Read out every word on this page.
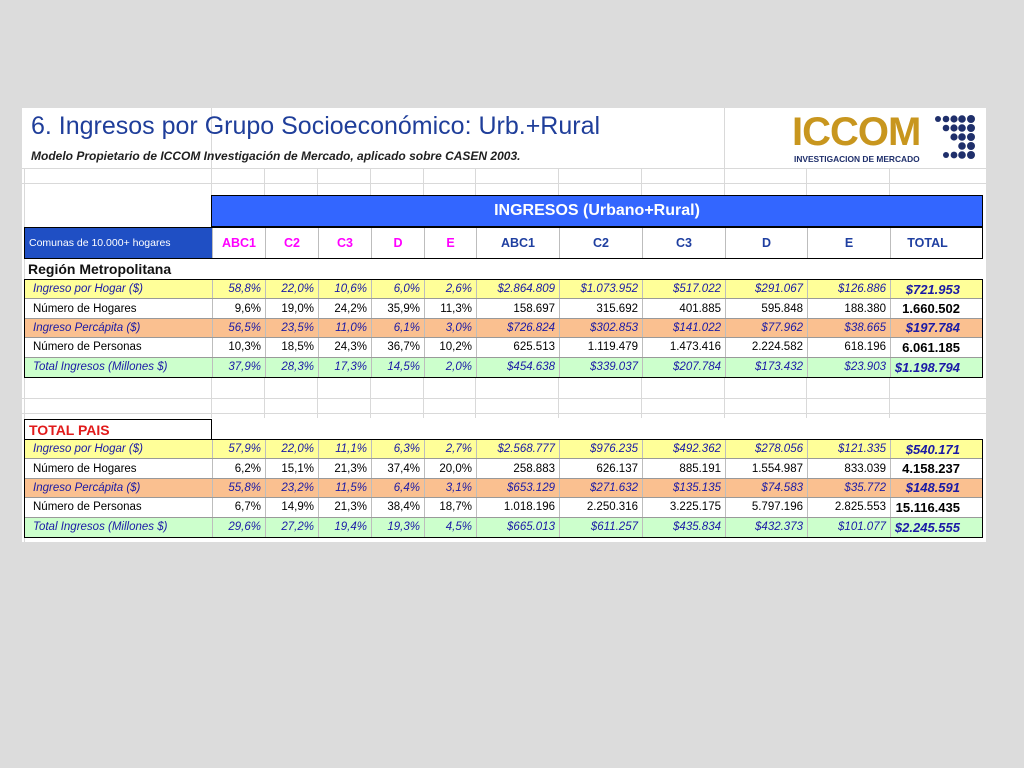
6. Ingresos por Grupo Socioeconómico: Urb.+Rural
Modelo Propietario de ICCOM Investigación de Mercado, aplicado sobre CASEN 2003.
ICCOM
INVESTIGACION DE MERCADO
INGRESOS (Urbano+Rural)
Comunas de 10.000+ hogares	ABC1	C2	C3	D	E	ABC1	C2	C3	D	E	TOTAL
Región Metropolitana
Ingreso por Hogar ($)	58,8%	22,0%	10,6%	6,0%	2,6%	$2.864.809	$1.073.952	$517.022	$291.067	$126.886	$721.953
Número de Hogares	9,6%	19,0%	24,2%	35,9%	11,3%	158.697	315.692	401.885	595.848	188.380	1.660.502
Ingreso Percápita ($)	56,5%	23,5%	11,0%	6,1%	3,0%	$726.824	$302.853	$141.022	$77.962	$38.665	$197.784
Número de Personas	10,3%	18,5%	24,3%	36,7%	10,2%	625.513	1.119.479	1.473.416	2.224.582	618.196	6.061.185
Total Ingresos (Millones $)	37,9%	28,3%	17,3%	14,5%	2,0%	$454.638	$339.037	$207.784	$173.432	$23.903 $1.198.794
TOTAL PAIS
Ingreso por Hogar ($)	57,9%	22,0%	11,1%	6,3%	2,7%	$2.568.777	$976.235	$492.362	$278.056	$121.335	$540.171
Número de Hogares	6,2%	15,1%	21,3%	37,4%	20,0%	258.883	626.137	885.191	1.554.987	833.039	4.158.237
Ingreso Percápita ($)	55,8%	23,2%	11,5%	6,4%	3,1%	$653.129	$271.632	$135.135	$74.583	$35.772	$148.591
Número de Personas	6,7%	14,9%	21,3%	38,4%	18,7%	1.018.196	2.250.316	3.225.175	5.797.196	2.825.553 15.116.435
Total Ingresos (Millones $)	29,6%	27,2%	19,4%	19,3%	4,5%	$665.013	$611.257	$435.834	$432.373	$101.077 $2.245.555
